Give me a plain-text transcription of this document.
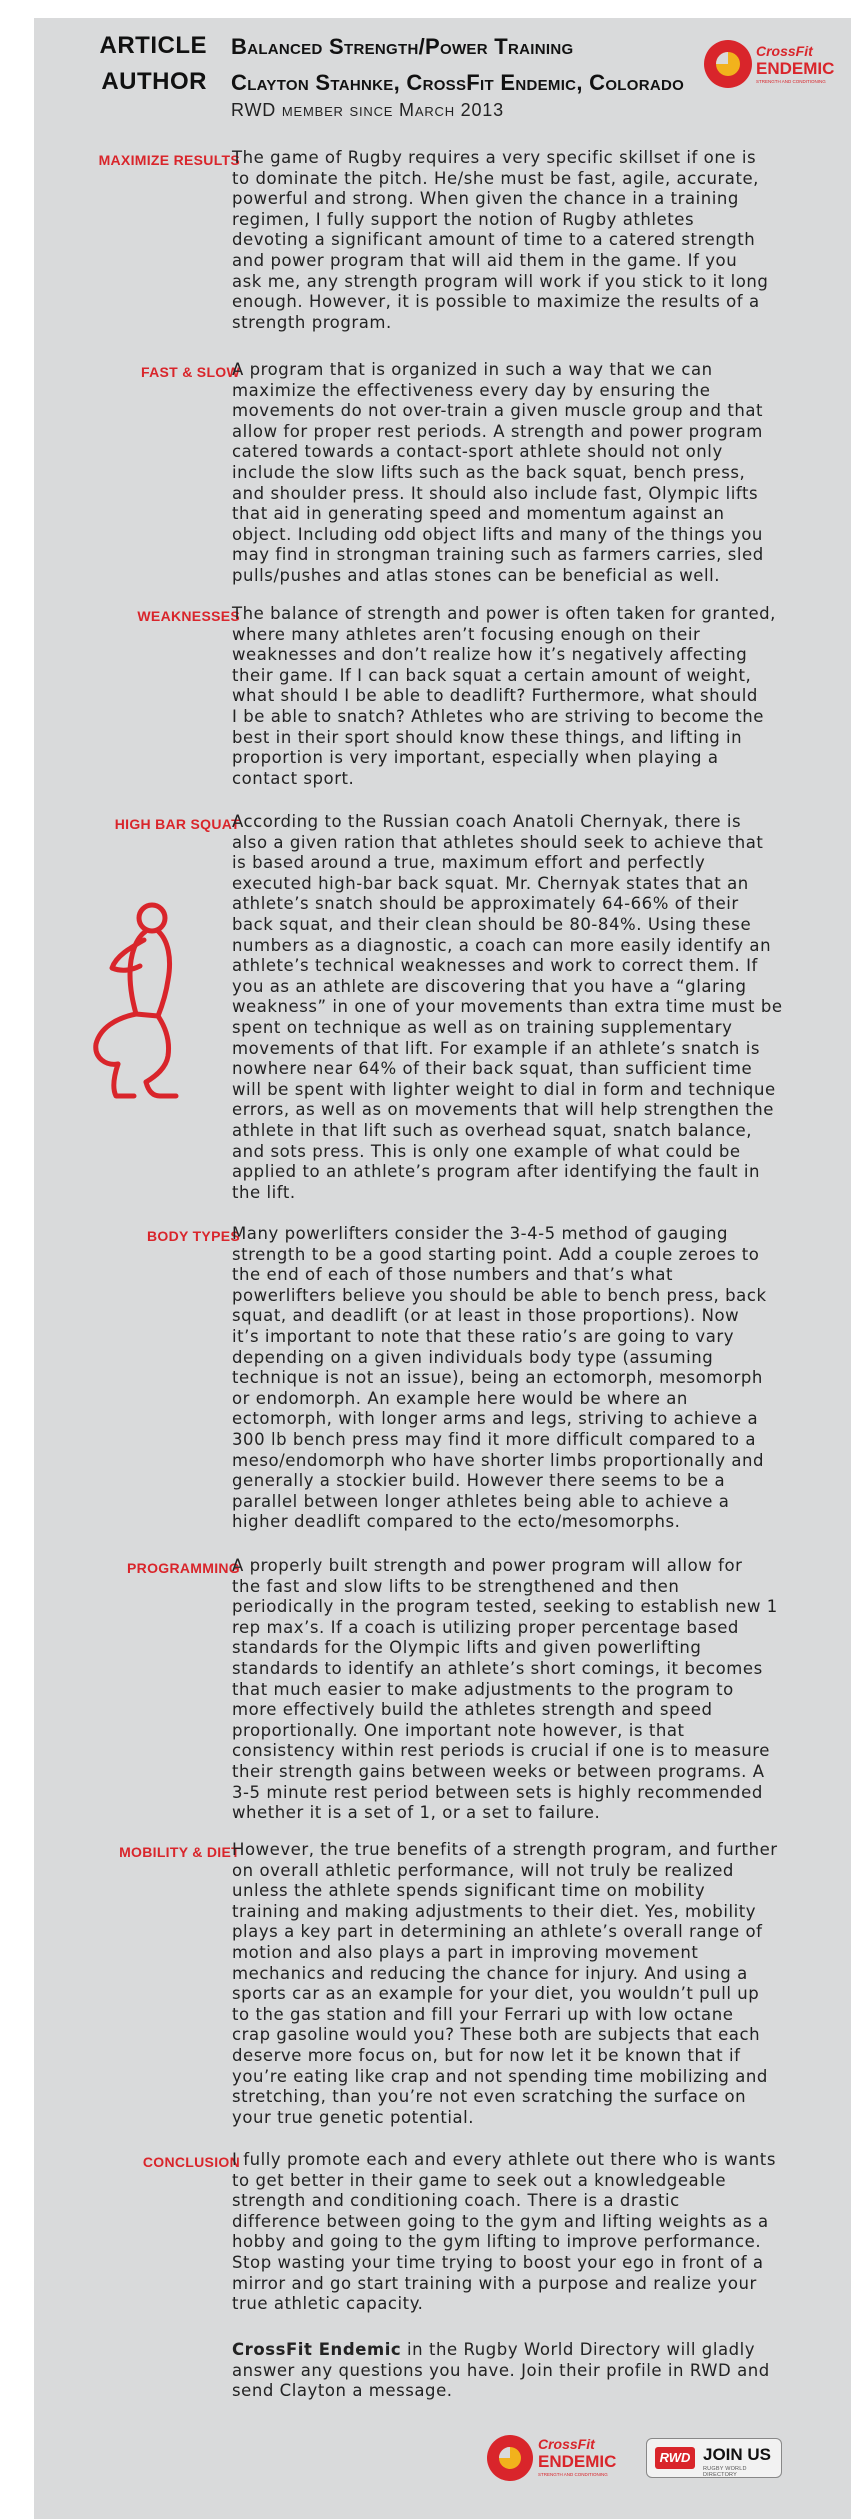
ARTICLE Balanced Strength/Power Training
AUTHOR Clayton Stahnke, CrossFit Endemic, Colorado
RWD member since March 2013
CrossFit
ENDEMIC
STRENGTH AND CONDITIONING
MAXIMIZE RESULTS
FAST & SLOW
WEAKNESSES
HIGH BAR SQUAT
BODY TYPES
PROGRAMMING
MOBILITY & DIET
CONCLUSION

The game of Rugby requires a very specific skillset if one is
to dominate the pitch. He/she must be fast, agile, accurate,
powerful and strong. When given the chance in a training
regimen, I fully support the notion of Rugby athletes
devoting a significant amount of time to a catered strength
and power program that will aid them in the game. If you
ask me, any strength program will work if you stick to it long
enough. However, it is possible to maximize the results of a
strength program.

A program that is organized in such a way that we can
maximize the effectiveness every day by ensuring the
movements do not over-train a given muscle group and that
allow for proper rest periods. A strength and power program
catered towards a contact-sport athlete should not only
include the slow lifts such as the back squat, bench press,
and shoulder press. It should also include fast, Olympic lifts
that aid in generating speed and momentum against an
object. Including odd object lifts and many of the things you
may find in strongman training such as farmers carries, sled
pulls/pushes and atlas stones can be beneficial as well.

The balance of strength and power is often taken for granted,
where many athletes aren’t focusing enough on their
weaknesses and don’t realize how it’s negatively affecting
their game. If I can back squat a certain amount of weight,
what should I be able to deadlift? Furthermore, what should
I be able to snatch? Athletes who are striving to become the
best in their sport should know these things, and lifting in
proportion is very important, especially when playing a
contact sport.

According to the Russian coach Anatoli Chernyak, there is
also a given ration that athletes should seek to achieve that
is based around a true, maximum effort and perfectly
executed high-bar back squat. Mr. Chernyak states that an
athlete’s snatch should be approximately 64-66% of their
back squat, and their clean should be 80-84%. Using these
numbers as a diagnostic, a coach can more easily identify an
athlete’s technical weaknesses and work to correct them. If
you as an athlete are discovering that you have a “glaring
weakness” in one of your movements than extra time must be
spent on technique as well as on training supplementary
movements of that lift. For example if an athlete’s snatch is
nowhere near 64% of their back squat, than sufficient time
will be spent with lighter weight to dial in form and technique
errors, as well as on movements that will help strengthen the
athlete in that lift such as overhead squat, snatch balance,
and sots press. This is only one example of what could be
applied to an athlete’s program after identifying the fault in
the lift.

Many powerlifters consider the 3-4-5 method of gauging
strength to be a good starting point. Add a couple zeroes to
the end of each of those numbers and that’s what
powerlifters believe you should be able to bench press, back
squat, and deadlift (or at least in those proportions). Now
it’s important to note that these ratio’s are going to vary
depending on a given individuals body type (assuming
technique is not an issue), being an ectomorph, mesomorph
or endomorph. An example here would be where an
ectomorph, with longer arms and legs, striving to achieve a
300 lb bench press may find it more difficult compared to a
meso/endomorph who have shorter limbs proportionally and
generally a stockier build. However there seems to be a
parallel between longer athletes being able to achieve a
higher deadlift compared to the ecto/mesomorphs.

A properly built strength and power program will allow for
the fast and slow lifts to be strengthened and then
periodically in the program tested, seeking to establish new 1
rep max’s. If a coach is utilizing proper percentage based
standards for the Olympic lifts and given powerlifting
standards to identify an athlete’s short comings, it becomes
that much easier to make adjustments to the program to
more effectively build the athletes strength and speed
proportionally. One important note however, is that
consistency within rest periods is crucial if one is to measure
their strength gains between weeks or between programs. A
3-5 minute rest period between sets is highly recommended
whether it is a set of 1, or a set to failure.

However, the true benefits of a strength program, and further
on overall athletic performance, will not truly be realized
unless the athlete spends significant time on mobility
training and making adjustments to their diet. Yes, mobility
plays a key part in determining an athlete’s overall range of
motion and also plays a part in improving movement
mechanics and reducing the chance for injury. And using a
sports car as an example for your diet, you wouldn’t pull up
to the gas station and fill your Ferrari up with low octane
crap gasoline would you? These both are subjects that each
deserve more focus on, but for now let it be known that if
you’re eating like crap and not spending time mobilizing and
stretching, than you’re not even scratching the surface on
your true genetic potential.

I fully promote each and every athlete out there who is wants
to get better in their game to seek out a knowledgeable
strength and conditioning coach. There is a drastic
difference between going to the gym and lifting weights as a
hobby and going to the gym lifting to improve performance.
Stop wasting your time trying to boost your ego in front of a
mirror and go start training with a purpose and realize your
true athletic capacity.

CrossFit Endemic in the Rugby World Directory will gladly
answer any questions you have. Join their profile in RWD and
send Clayton a message.
CrossFit
ENDEMIC
STRENGTH AND CONDITIONING
RWD JOIN US
RUGBY WORLD DIRECTORY
